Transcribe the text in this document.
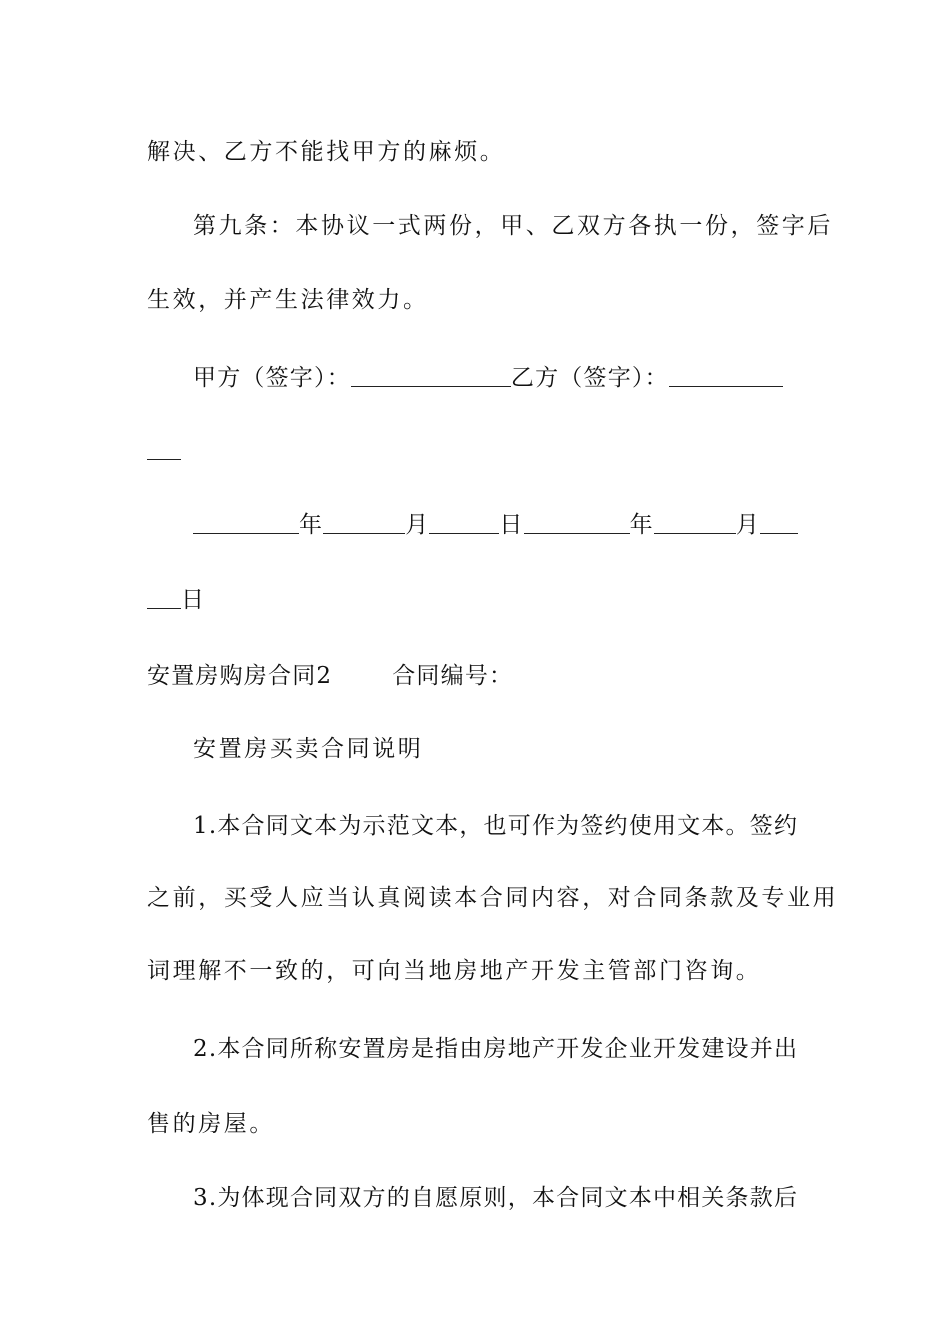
解决、乙方不能找甲方的麻烦。
第九条：本协议一式两份，甲、乙双方各执一份，签字后
生效，并产生法律效力。
甲方（签字）：	乙方（签字）：
年	月	日	年	月
日
安置房购房合同2	合同编号：
安置房买卖合同说明
1.本合同文本为示范文本，也可作为签约使用文本。签约
之前，买受人应当认真阅读本合同内容，对合同条款及专业用
词理解不一致的，可向当地房地产开发主管部门咨询。
2.本合同所称安置房是指由房地产开发企业开发建设并出
售的房屋。
3.为体现合同双方的自愿原则，本合同文本中相关条款后
